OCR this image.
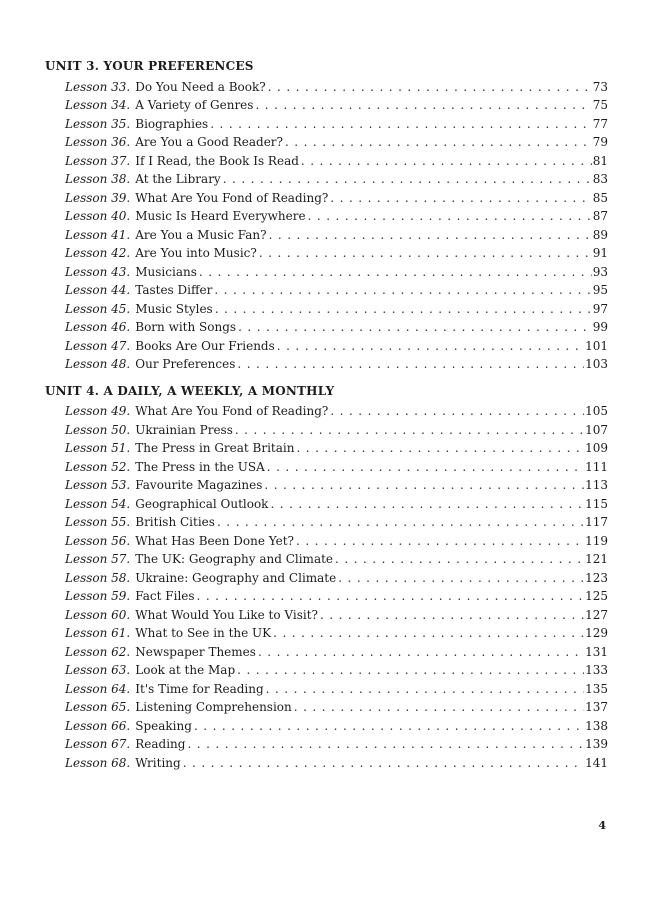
UNIT 3. YOUR PREFERENCES
Lesson 33. Do You Need a Book? .....	73
Lesson 34. A Variety of Genres .....	75
Lesson 35. Biographies .....	77
Lesson 36. Are You a Good Reader? .....	79
Lesson 37. If I Read, the Book Is Read .....	81
Lesson 38. At the Library .....	83
Lesson 39. What Are You Fond of Reading? .....	85
Lesson 40. Music Is Heard Everywhere .....	87
Lesson 41. Are You a Music Fan? .....	89
Lesson 42. Are You into Music? .....	91
Lesson 43. Musicians .....	93
Lesson 44. Tastes Differ .....	95
Lesson 45. Music Styles .....	97
Lesson 46. Born with Songs .....	99
Lesson 47. Books Are Our Friends .....	101
Lesson 48. Our Preferences .....	103
UNIT 4. A DAILY, A WEEKLY, A MONTHLY
Lesson 49. What Are You Fond of Reading? .....	105
Lesson 50. Ukrainian Press .....	107
Lesson 51. The Press in Great Britain .....	109
Lesson 52. The Press in the USA .....	111
Lesson 53. Favourite Magazines .....	113
Lesson 54. Geographical Outlook .....	115
Lesson 55. British Cities .....	117
Lesson 56. What Has Been Done Yet? .....	119
Lesson 57. The UK: Geography and Climate .....	121
Lesson 58. Ukraine: Geography and Climate .....	123
Lesson 59. Fact Files .....	125
Lesson 60. What Would You Like to Visit? .....	127
Lesson 61. What to See in the UK .....	129
Lesson 62. Newspaper Themes .....	131
Lesson 63. Look at the Map .....	133
Lesson 64. It's Time for Reading .....	135
Lesson 65. Listening Comprehension .....	137
Lesson 66. Speaking .....	138
Lesson 67. Reading .....	139
Lesson 68. Writing .....	141
4
